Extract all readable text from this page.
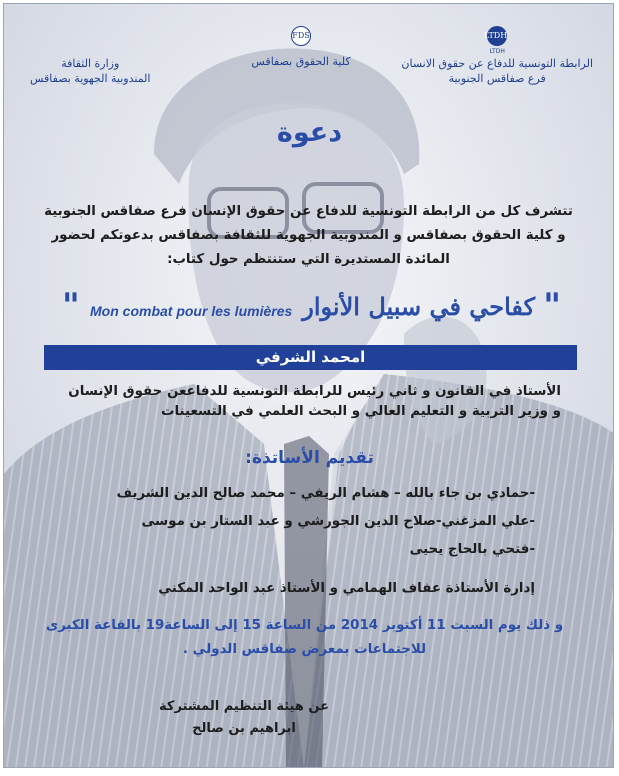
LTDH
LTDH
الرابطة التونسية للدفاع عن حقوق الانسان
فرع صفاقس الجنوبية
FDS
كلية الحقوق بصفاقس
وزارة الثقافة
المندوبية الجهوية بصفاقس
دعوة
تتشرف كل من الرابطة التونسية للدفاع عن حقوق الإنسان فرع صفاقس الجنوبية
و كلية الحقوق بصفاقس و المندوبية الجهوية للثقافة بصفاقس بدعوتكم لحضور
المائدة المستديرة التي ستنتظم حول كتاب:
" Mon combat pour les lumières كفاحي في سبيل الأنوار "
امحمد الشرفي
الأستاذ في القانون و ثاني رئيس للرابطة التونسية للدفاععن حقوق الإنسان
و وزير التربية و التعليم العالي و البحث العلمي في التسعينات
تقديم الأساتذة:
-حمادي بن جاء بالله – هشام الريفي – محمد صالح الدين الشريف
-علي المزغني-صلاح الدين الجورشي و عبد الستار بن موسى
-فتحي بالحاج يحيى
إدارة الأستاذة عفاف الهمامي و الأستاذ عبد الواحد المكني
و ذلك يوم السبت 11 أكتوبر 2014 من الساعة 15 إلى الساعة19 بالقاعة الكبرى
للاجتماعات بمعرض صفاقس الدولي .
عن هيئة التنظيم المشتركة
ابراهيم بن صالح
